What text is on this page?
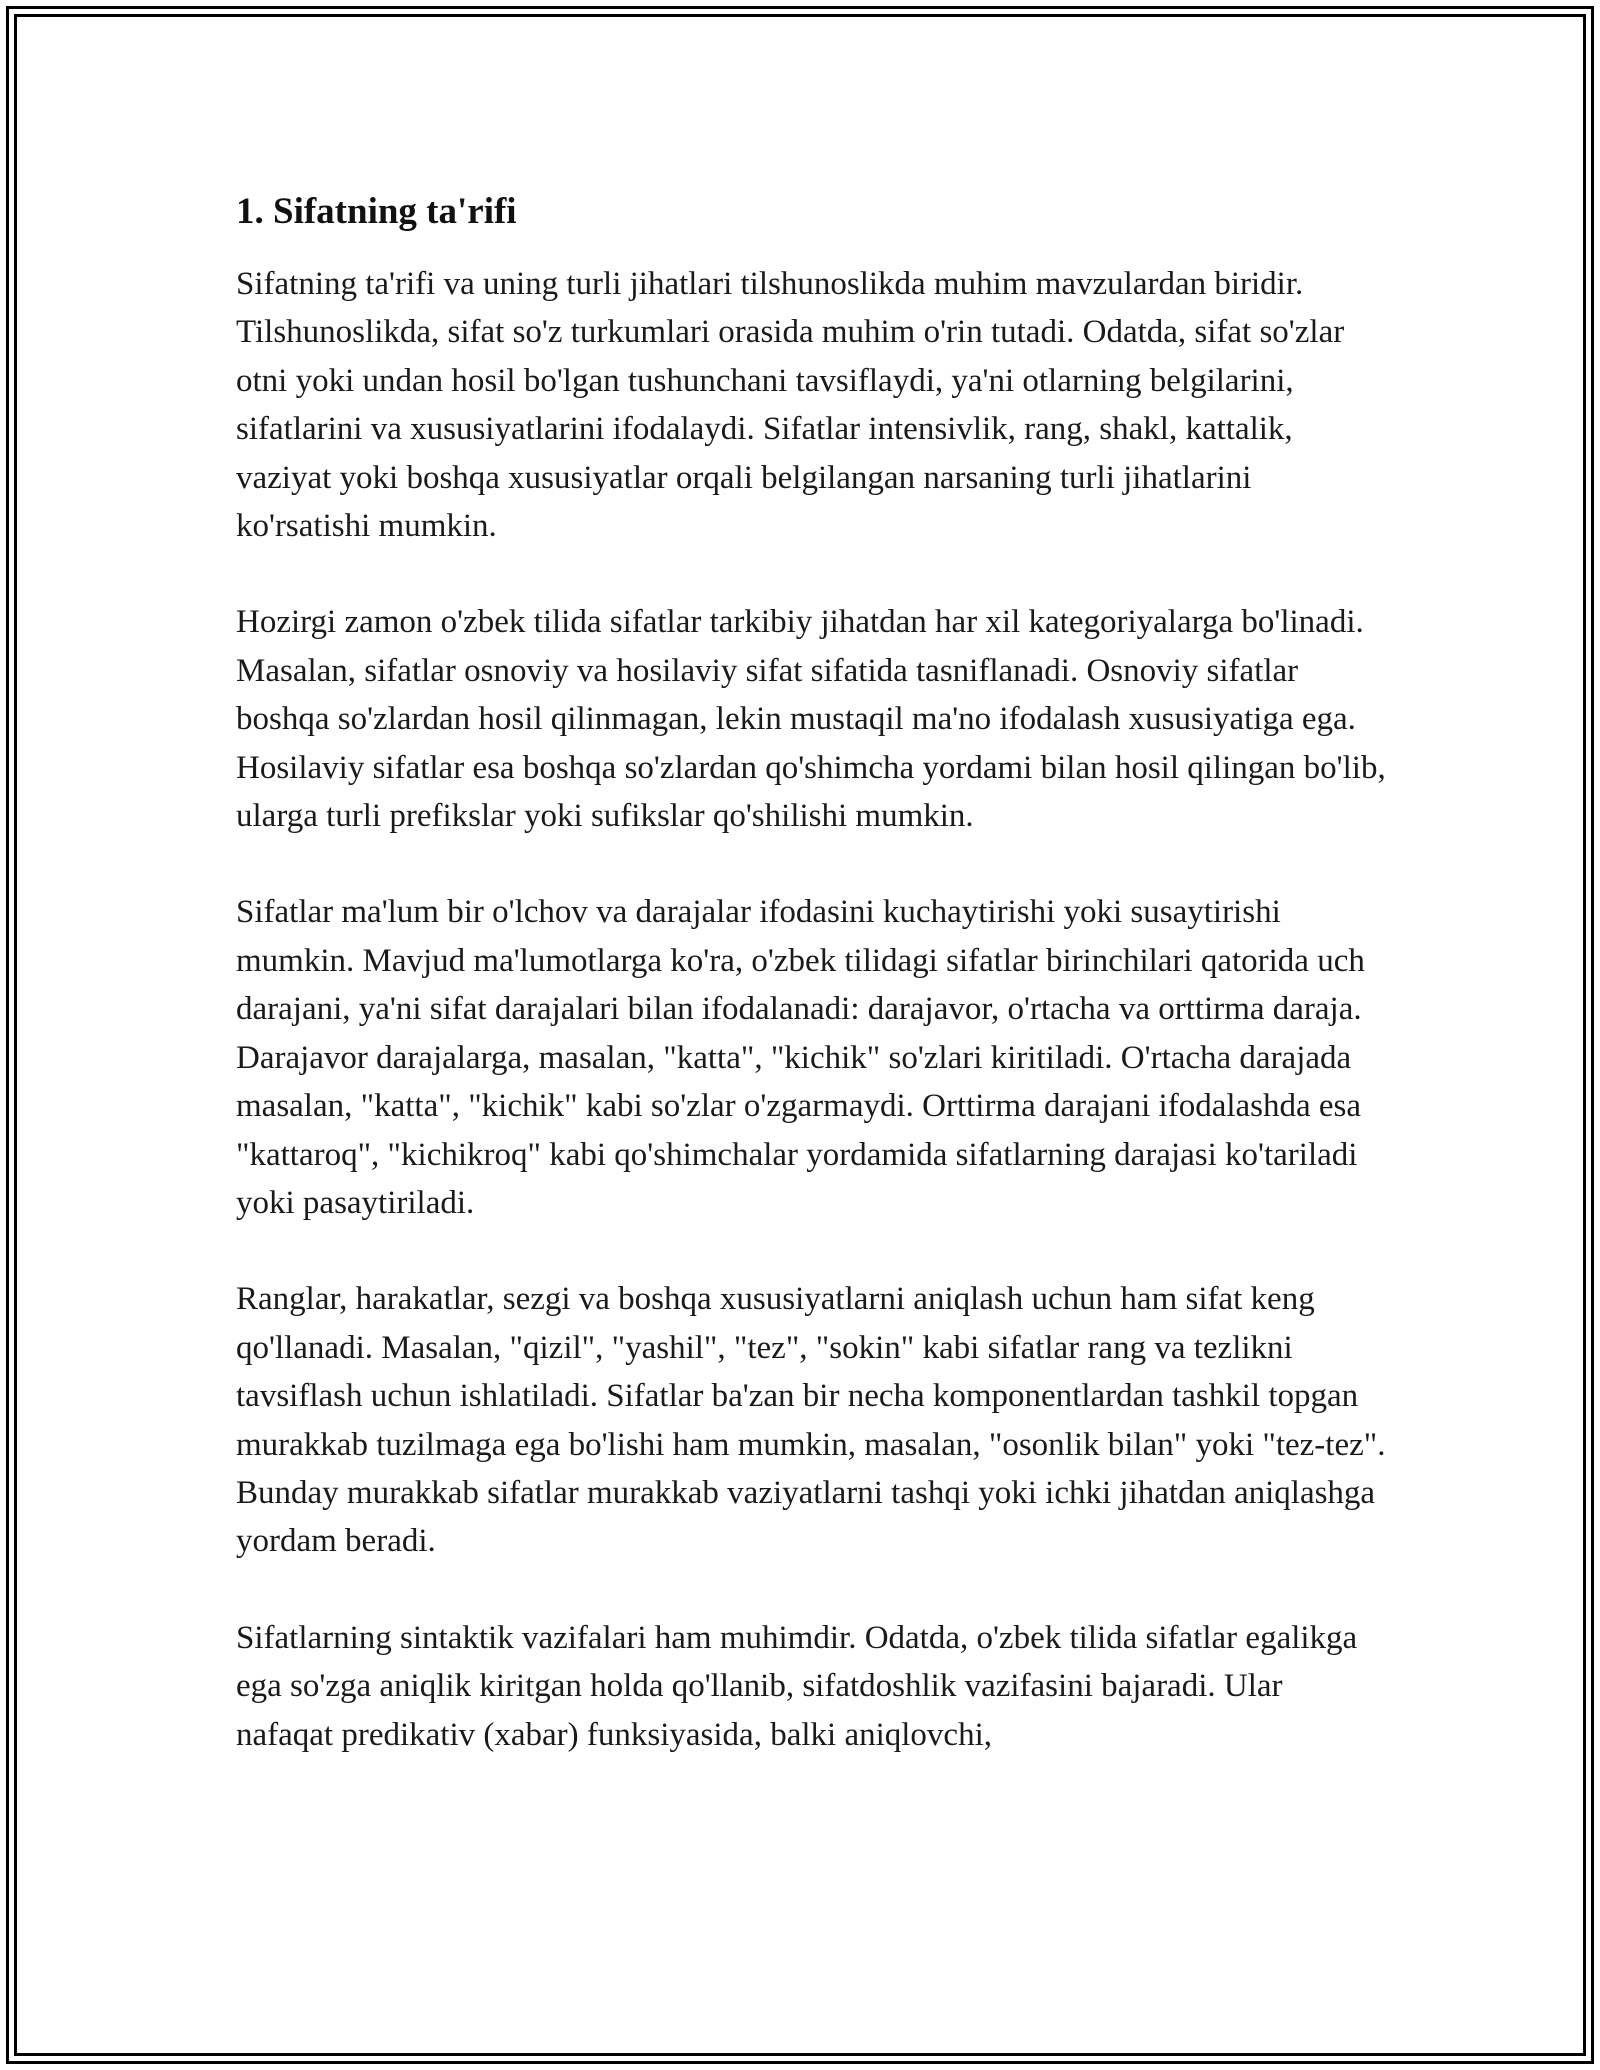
1. Sifatning ta'rifi

Sifatning ta'rifi va uning turli jihatlari tilshunoslikda muhim mavzulardan biridir. Tilshunoslikda, sifat so'z turkumlari orasida muhim o'rin tutadi. Odatda, sifat so'zlar otni yoki undan hosil bo'lgan tushunchani tavsiflaydi, ya'ni otlarning belgilarini, sifatlarini va xususiyatlarini ifodalaydi. Sifatlar intensivlik, rang, shakl, kattalik, vaziyat yoki boshqa xususiyatlar orqali belgilangan narsaning turli jihatlarini ko'rsatishi mumkin.

Hozirgi zamon o'zbek tilida sifatlar tarkibiy jihatdan har xil kategoriyalarga bo'linadi. Masalan, sifatlar osnoviy va hosilaviy sifat sifatida tasniflanadi. Osnoviy sifatlar boshqa so'zlardan hosil qilinmagan, lekin mustaqil ma'no ifodalash xususiyatiga ega. Hosilaviy sifatlar esa boshqa so'zlardan qo'shimcha yordami bilan hosil qilingan bo'lib, ularga turli prefikslar yoki sufikslar qo'shilishi mumkin.

Sifatlar ma'lum bir o'lchov va darajalar ifodasini kuchaytirishi yoki susaytirishi mumkin. Mavjud ma'lumotlarga ko'ra, o'zbek tilidagi sifatlar birinchilari qatorida uch darajani, ya'ni sifat darajalari bilan ifodalanadi: darajavor, o'rtacha va orttirma daraja. Darajavor darajalarga, masalan, "katta", "kichik" so'zlari kiritiladi. O'rtacha darajada masalan, "katta", "kichik" kabi so'zlar o'zgarmaydi. Orttirma darajani ifodalashda esa "kattaroq", "kichikroq" kabi qo'shimchalar yordamida sifatlarning darajasi ko'tariladi yoki pasaytiriladi.

Ranglar, harakatlar, sezgi va boshqa xususiyatlarni aniqlash uchun ham sifat keng qo'llanadi. Masalan, "qizil", "yashil", "tez", "sokin" kabi sifatlar rang va tezlikni tavsiflash uchun ishlatiladi. Sifatlar ba'zan bir necha komponentlardan tashkil topgan murakkab tuzilmaga ega bo'lishi ham mumkin, masalan, "osonlik bilan" yoki "tez-tez". Bunday murakkab sifatlar murakkab vaziyatlarni tashqi yoki ichki jihatdan aniqlashga yordam beradi.

Sifatlarning sintaktik vazifalari ham muhimdir. Odatda, o'zbek tilida sifatlar egalikga ega so'zga aniqlik kiritgan holda qo'llanib, sifatdoshlik vazifasini bajaradi. Ular nafaqat predikativ (xabar) funksiyasida, balki aniqlovchi,
